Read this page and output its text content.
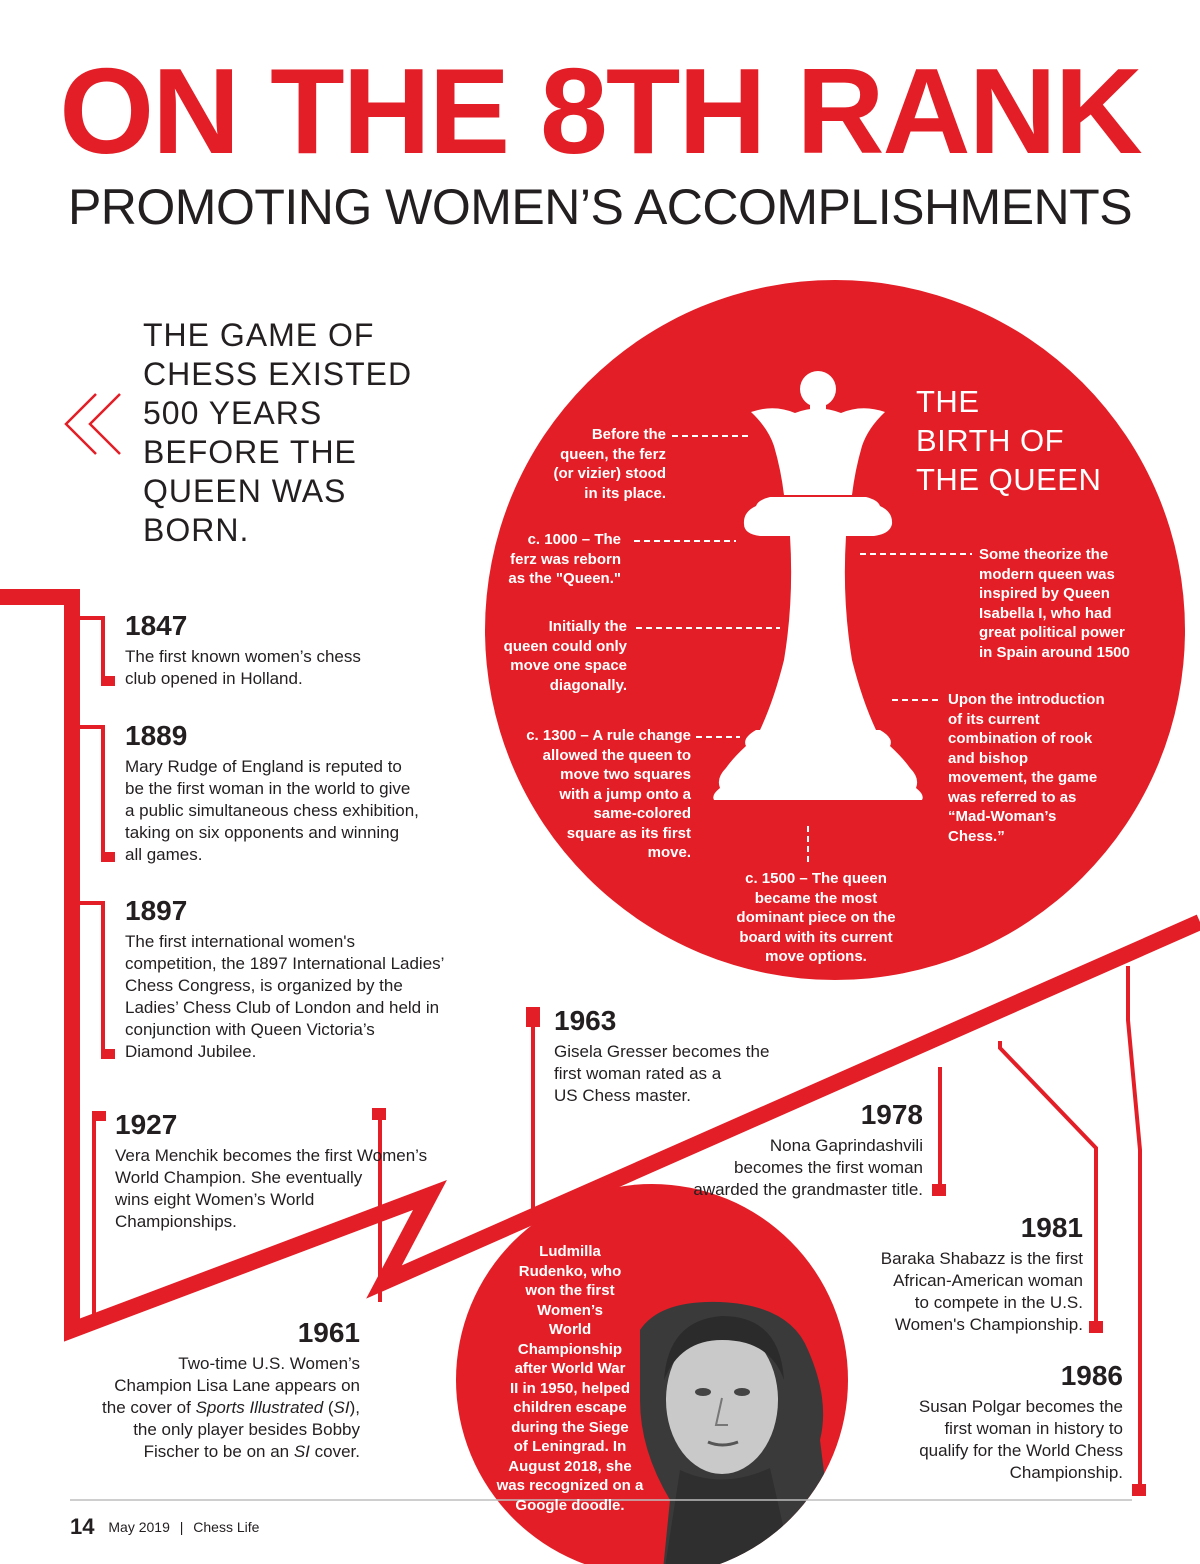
ON THE 8TH RANK
PROMOTING WOMEN’S ACCOMPLISHMENTS
THE GAME OF
CHESS EXISTED
500 YEARS
BEFORE THE
QUEEN WAS
BORN.
THE
BIRTH OF
THE QUEEN
Before the
queen, the ferz
(or vizier) stood
in its place.
c. 1000 – The
ferz was reborn
as the "Queen."
Initially the
queen could only
move one space
diagonally.
c. 1300 – A rule change
allowed the queen to
move two squares
with a jump onto a
same-colored
square as its first
move.
Some theorize the
modern queen was
inspired by Queen
Isabella I, who had
great political power
in Spain around 1500
Upon the introduction
of its current
combination of rook
and bishop
movement, the game
was referred to as
“Mad-Woman’s
Chess.”
c. 1500 – The queen
became the most
dominant piece on the
board with its current
move options.
1847
The first known women’s chess
club opened in Holland.
1889
Mary Rudge of England is reputed to
be the first woman in the world to give
a public simultaneous chess exhibition,
taking on six opponents and winning
all games.
1897
The first international women's
competition, the 1897 International Ladies’
Chess Congress, is organized by the
Ladies’ Chess Club of London and held in
conjunction with Queen Victoria’s
Diamond Jubilee.
1927
Vera Menchik becomes the first Women’s
World Champion. She eventually
wins eight Women’s World
Championships.
1961
Two-time U.S. Women’s
Champion Lisa Lane appears on
the cover of Sports Illustrated (SI),
the only player besides Bobby
Fischer to be on an SI cover.
1963
Gisela Gresser becomes the
first woman rated as a
US Chess master.
1978
Nona Gaprindashvili
becomes the first woman
awarded the grandmaster title.
1981
Baraka Shabazz is the first
African-American woman
to compete in the U.S.
Women's Championship.
1986
Susan Polgar becomes the
first woman in history to
qualify for the World Chess
Championship.
Ludmilla
Rudenko, who
won the first
Women’s
World
Championship
after World War
II in 1950, helped
children escape
during the Siege
of Leningrad. In
August 2018, she
was recognized on a
Google doodle.
14 May 2019 | Chess Life
